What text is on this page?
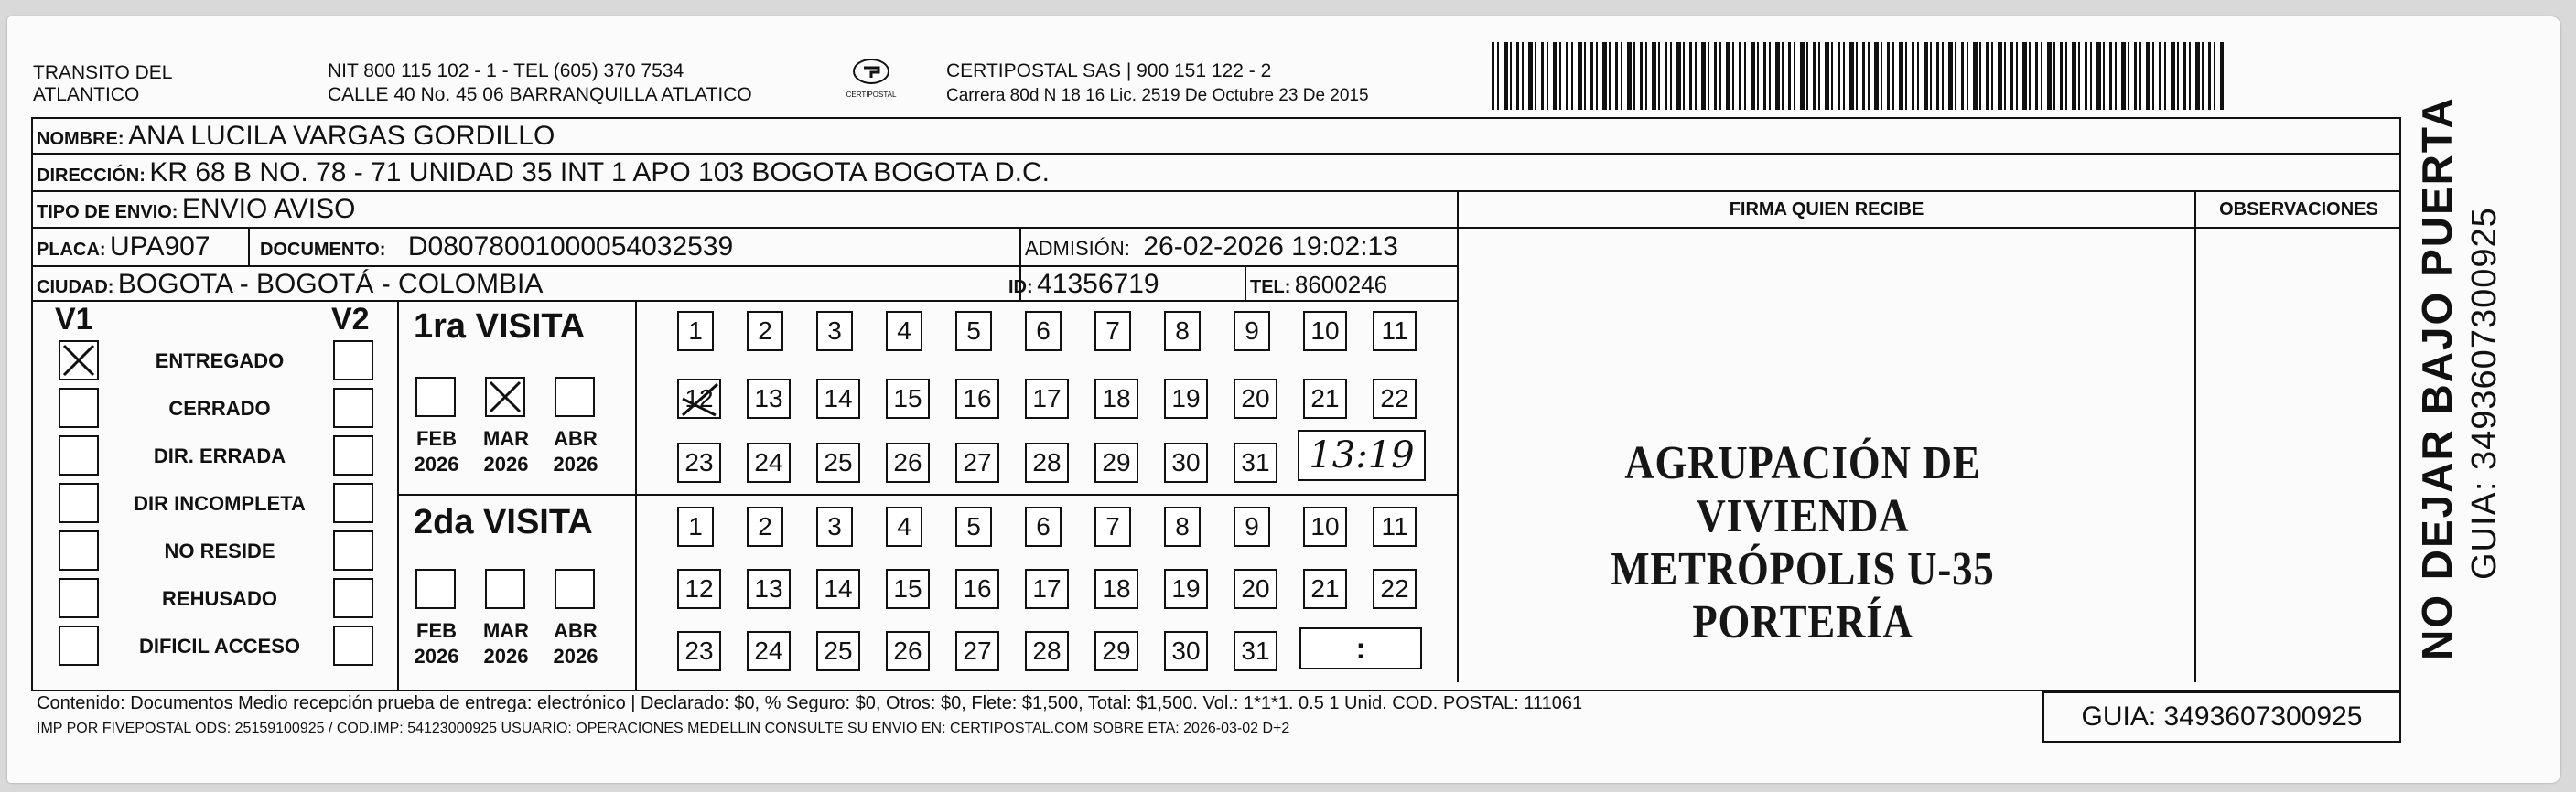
TRANSITO DEL
ATLANTICO
NIT 800 115 102 - 1 - TEL (605) 370 7534
CALLE 40 No. 45 06 BARRANQUILLA ATLATICO	CERTIPOSTAL
CERTIPOSTAL SAS | 900 151 122 - 2
Carrera 80d N 18 16 Lic. 2519 De Octubre 23 De 2015
NOMBRE: ANA LUCILA VARGAS GORDILLO
DIRECCIÓN: KR 68 B NO. 78 - 71 UNIDAD 35 INT 1 APO 103 BOGOTA BOGOTA D.C.
TIPO DE ENVIO: ENVIO AVISO	FIRMA QUIEN RECIBE	OBSERVACIONES
PLACA: UPA907	DOCUMENTO: D08078001000054032539	ADMISIÓN: 26-02-2026 19:02:13
CIUDAD: BOGOTA - BOGOTÁ - COLOMBIA	ID: 41356719	TEL: 8600246
V1	V2
ENTREGADO
CERRADO
DIR. ERRADA
DIR INCOMPLETA
NO RESIDE
REHUSADO
DIFICIL ACCESO
1ra VISITA
FEB
2026
MAR
2026
ABR
2026
1 2 3 4 5 6 7 8 9 10 11
12 13 14 15 16 17 18 19 20 21 22
23 24 25 26 27 28 29 30 31 13:19
2da VISITA
FEB
2026
MAR
2026
ABR
2026
1 2 3 4 5 6 7 8 9 10 11
12 13 14 15 16 17 18 19 20 21 22
23 24 25 26 27 28 29 30 31	:
AGRUPACIÓN DE VIVIENDA
METRÓPOLIS U-35
PORTERÍA
Contenido: Documentos Medio recepción prueba de entrega: electrónico | Declarado: $0, % Seguro: $0, Otros: $0, Flete: $1,500, Total: $1,500. Vol.: 1*1*1. 0.5 1 Unid. COD. POSTAL: 111061
IMP POR FIVEPOSTAL ODS: 25159100925 / COD.IMP: 54123000925 USUARIO: OPERACIONES MEDELLIN CONSULTE SU ENVIO EN: CERTIPOSTAL.COM SOBRE ETA: 2026-03-02 D+2	GUIA: 3493607300925
NO DEJAR BAJO PUERTA GUIA: 3493607300925
